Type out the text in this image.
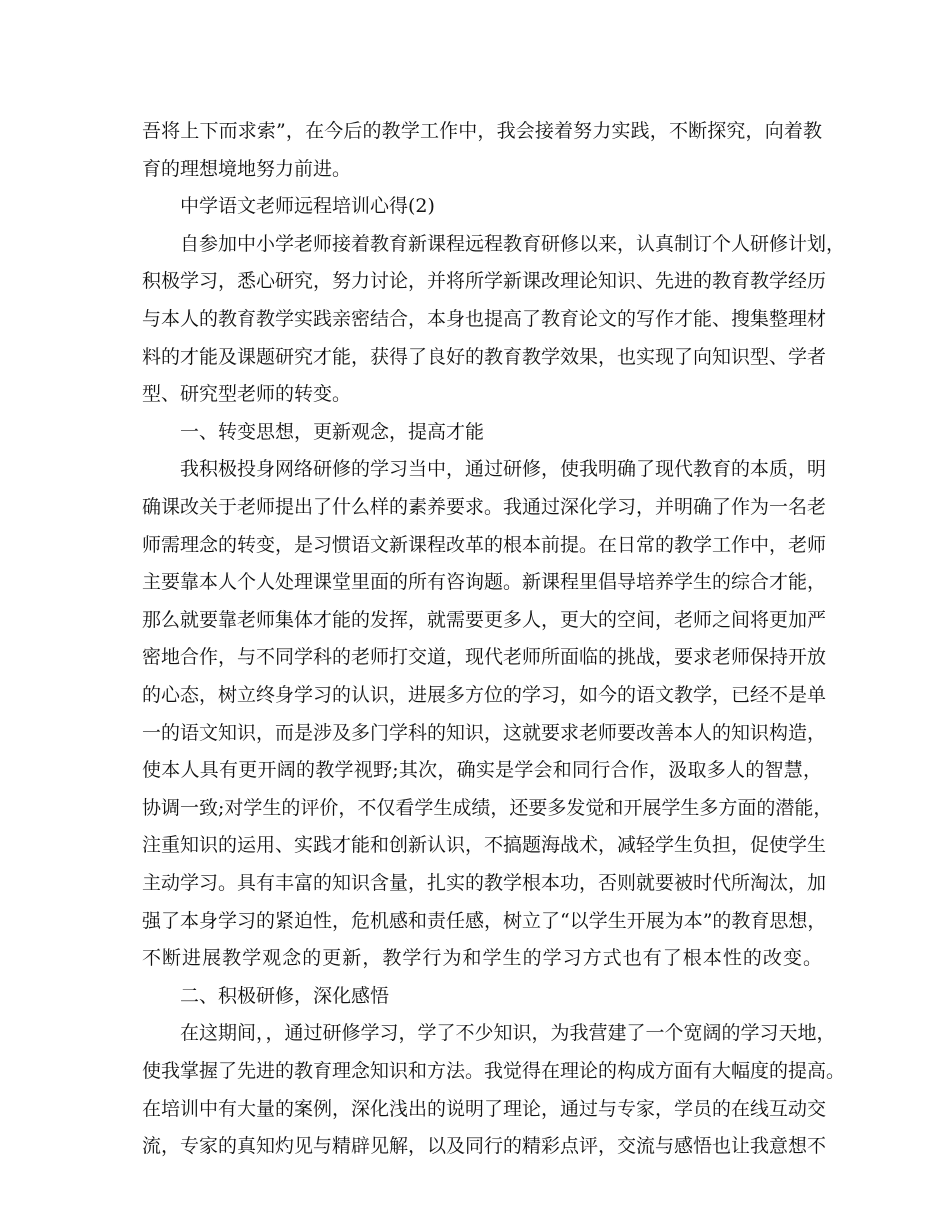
吾将上下而求索”，在今后的教学工作中，我会接着努力实践，不断探究，向着教
育的理想境地努力前进。
中学语文老师远程培训心得(2)
自参加中小学老师接着教育新课程远程教育研修以来，认真制订个人研修计划，
积极学习，悉心研究，努力讨论，并将所学新课改理论知识、先进的教育教学经历
与本人的教育教学实践亲密结合，本身也提高了教育论文的写作才能、搜集整理材
料的才能及课题研究才能，获得了良好的教育教学效果，也实现了向知识型、学者
型、研究型老师的转变。
一、转变思想，更新观念，提高才能
我积极投身网络研修的学习当中，通过研修，使我明确了现代教育的本质，明
确课改关于老师提出了什么样的素养要求。我通过深化学习，并明确了作为一名老
师需理念的转变，是习惯语文新课程改革的根本前提。在日常的教学工作中，老师
主要靠本人个人处理课堂里面的所有咨询题。新课程里倡导培养学生的综合才能，
那么就要靠老师集体才能的发挥，就需要更多人，更大的空间，老师之间将更加严
密地合作，与不同学科的老师打交道，现代老师所面临的挑战，要求老师保持开放
的心态，树立终身学习的认识，进展多方位的学习，如今的语文教学，已经不是单
一的语文知识，而是涉及多门学科的知识，这就要求老师要改善本人的知识构造，
使本人具有更开阔的教学视野;其次，确实是学会和同行合作，汲取多人的智慧，
协调一致;对学生的评价，不仅看学生成绩，还要多发觉和开展学生多方面的潜能，
注重知识的运用、实践才能和创新认识，不搞题海战术，减轻学生负担，促使学生
主动学习。具有丰富的知识含量，扎实的教学根本功，否则就要被时代所淘汰，加
强了本身学习的紧迫性，危机感和责任感，树立了“以学生开展为本”的教育思想，
不断进展教学观念的更新，教学行为和学生的学习方式也有了根本性的改变。
二、积极研修，深化感悟
在这期间，，通过研修学习，学了不少知识，为我营建了一个宽阔的学习天地，
使我掌握了先进的教育理念知识和方法。我觉得在理论的构成方面有大幅度的提高。
在培训中有大量的案例，深化浅出的说明了理论，通过与专家，学员的在线互动交
流，专家的真知灼见与精辟见解，以及同行的精彩点评，交流与感悟也让我意想不
